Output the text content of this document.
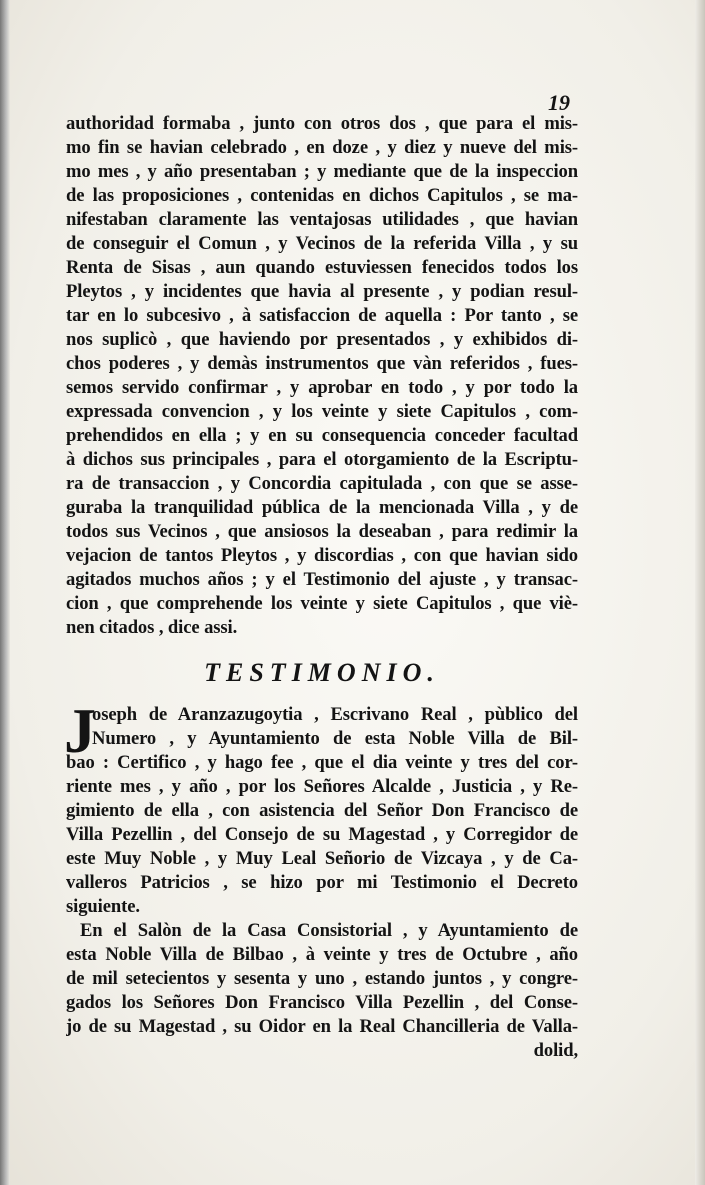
19
authoridad formaba , junto con otros dos , que para el mis-
mo fin se havian celebrado , en doze , y diez y nueve del mis-
mo mes , y año presentaban ; y mediante que de la inspeccion
de las proposiciones , contenidas en dichos Capitulos , se ma-
nifestaban claramente las ventajosas utilidades , que havian
de conseguir el Comun , y Vecinos de la referida Villa , y su
Renta de Sisas , aun quando estuviessen fenecidos todos los
Pleytos , y incidentes que havia al presente , y podian resul-
tar en lo subcesivo , à satisfaccion de aquella : Por tanto , se
nos suplicò , que haviendo por presentados , y exhibidos di-
chos poderes , y demàs instrumentos que vàn referidos , fues-
semos servido confirmar , y aprobar en todo , y por todo la
expressada convencion , y los veinte y siete Capitulos , com-
prehendidos en ella ; y en su consequencia conceder facultad
à dichos sus principales , para el otorgamiento de la Escriptu-
ra de transaccion , y Concordia capitulada , con que se asse-
guraba la tranquilidad pública de la mencionada Villa , y de
todos sus Vecinos , que ansiosos la deseaban , para redimir la
vejacion de tantos Pleytos , y discordias , con que havian sido
agitados muchos años ; y el Testimonio del ajuste , y transac-
cion , que comprehende los veinte y siete Capitulos , que viè-
nen citados , dice assi.
TESTIMONIO.
J
oseph de Aranzazugoytia , Escrivano Real , pùblico del
Numero , y Ayuntamiento de esta Noble Villa de Bil-
bao : Certifico , y hago fee , que el dia veinte y tres del cor-
riente mes , y año , por los Señores Alcalde , Justicia , y Re-
gimiento de ella , con asistencia del Señor Don Francisco de
Villa Pezellin , del Consejo de su Magestad , y Corregidor de
este Muy Noble , y Muy Leal Señorio de Vizcaya , y de Ca-
valleros Patricios , se hizo por mi Testimonio el Decreto
siguiente.
En el Salòn de la Casa Consistorial , y Ayuntamiento de
esta Noble Villa de Bilbao , à veinte y tres de Octubre , año
de mil setecientos y sesenta y uno , estando juntos , y congre-
gados los Señores Don Francisco Villa Pezellin , del Conse-
jo de su Magestad , su Oidor en la Real Chancilleria de Valla-
dolid,
